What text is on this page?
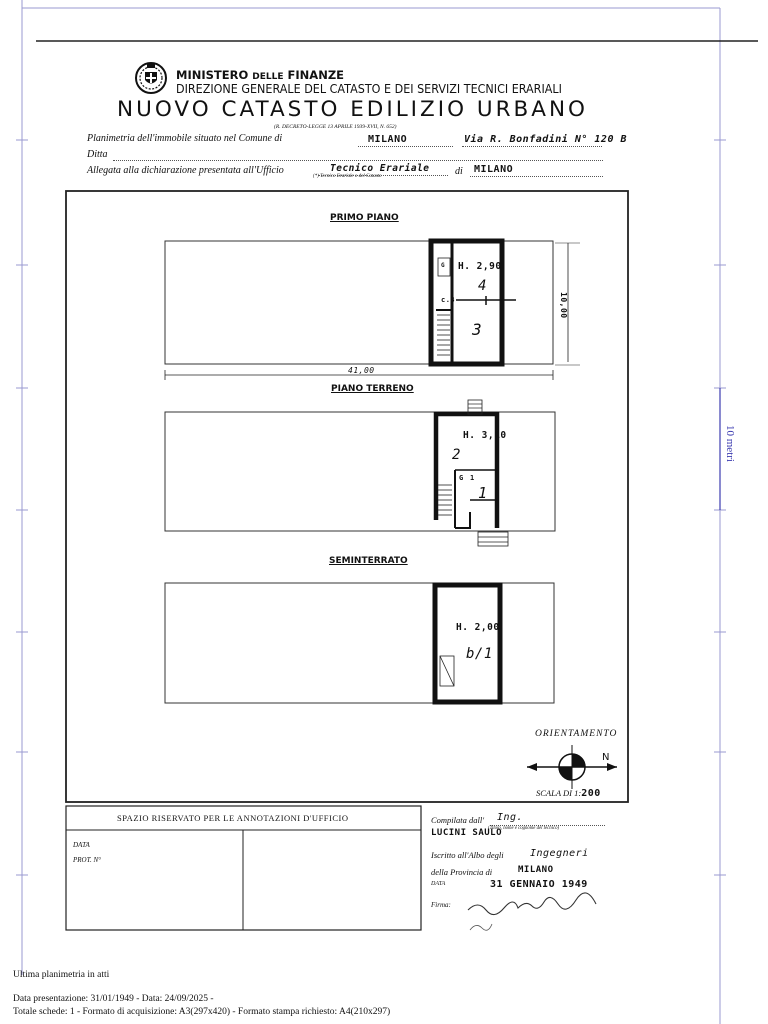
10 metri
MINISTERO DELLE FINANZE
DIREZIONE GENERALE DEL CATASTO E DEI SERVIZI TECNICI ERARIALI
NUOVO CATASTO EDILIZIO URBANO
(R. DECRETO-LEGGE 13 APRILE 1939-XVII, N. 652)
Planimetria dell'immobile situato nel Comune di	MILANO	Via R. Bonfadini N° 120 B
Ditta
Allegata alla dichiarazione presentata all'Ufficio	Tecnico Erariale
(*) Tecnico Erariale o del Catasto	di MILANO
PRIMO PIANO
PIANO TERRENO
SEMINTERRATO
H. 2,90
4
3
G
c.3
H. 3,10
2
1
G 1
H. 2,00
b/1
41,00
10,00
ORIENTAMENTO
N
SCALA DI 1:200
SPAZIO RISERVATO PER LE ANNOTAZIONI D'UFFICIO
DATA
PROT. N°
Compilata dall' Ing.
LUCINI SAULO
(Titolo, nome e cognome del tecnico)
Iscritto all'Albo degli	Ingegneri
della Provincia di	MILANO
DATA	31 GENNAIO 1949
Firma:
Ultima planimetria in atti
Data presentazione: 31/01/1949 - Data: 24/09/2025 -
Totale schede: 1 - Formato di acquisizione: A3(297x420) - Formato stampa richiesto: A4(210x297)
